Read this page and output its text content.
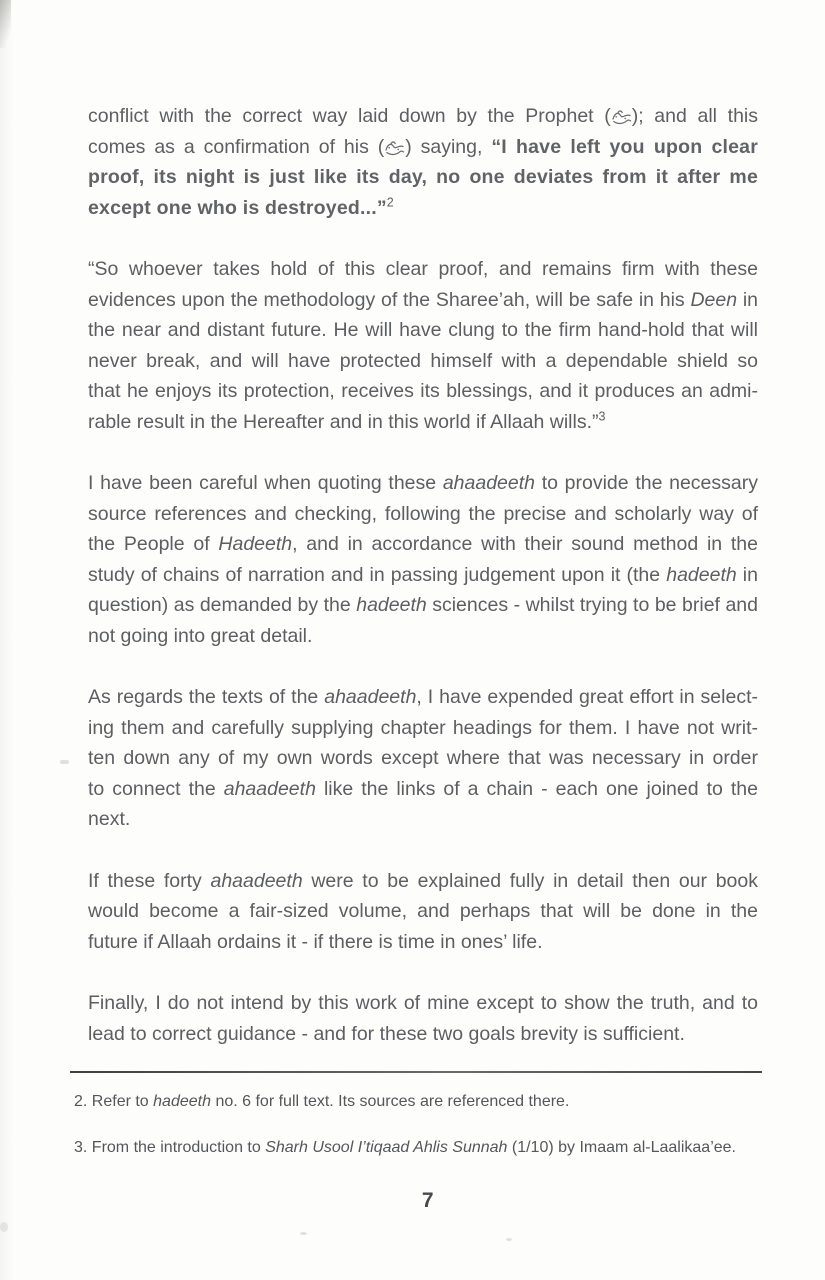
conflict with the correct way laid down by the Prophet ( ); and all this
comes as a confirmation of his ( ) saying, “I have left you upon clear
proof, its night is just like its day, no one deviates from it after me
except one who is destroyed...”$^2$
“So whoever takes hold of this clear proof, and remains firm with these
evidences upon the methodology of the Sharee’ah, will be safe in his Deen in
the near and distant future. He will have clung to the firm hand-hold that will
never break, and will have protected himself with a dependable shield so
that he enjoys its protection, receives its blessings, and it produces an admi-
rable result in the Hereafter and in this world if Allaah wills.”$^3$
I have been careful when quoting these ahaadeeth to provide the necessary
source references and checking, following the precise and scholarly way of
the People of Hadeeth, and in accordance with their sound method in the
study of chains of narration and in passing judgement upon it (the hadeeth in
question) as demanded by the hadeeth sciences - whilst trying to be brief and
not going into great detail.
As regards the texts of the ahaadeeth, I have expended great effort in select-
ing them and carefully supplying chapter headings for them. I have not writ-
ten down any of my own words except where that was necessary in order
to connect the ahaadeeth like the links of a chain - each one joined to the
next.
If these forty ahaadeeth were to be explained fully in detail then our book
would become a fair-sized volume, and perhaps that will be done in the
future if Allaah ordains it - if there is time in ones’ life.
Finally, I do not intend by this work of mine except to show the truth, and to
lead to correct guidance - and for these two goals brevity is sufficient.
2. Refer to hadeeth no. 6 for full text. Its sources are referenced there.
3. From the introduction to Sharh Usool I’tiqaad Ahlis Sunnah (1/10) by Imaam al-Laalikaa’ee.
7
